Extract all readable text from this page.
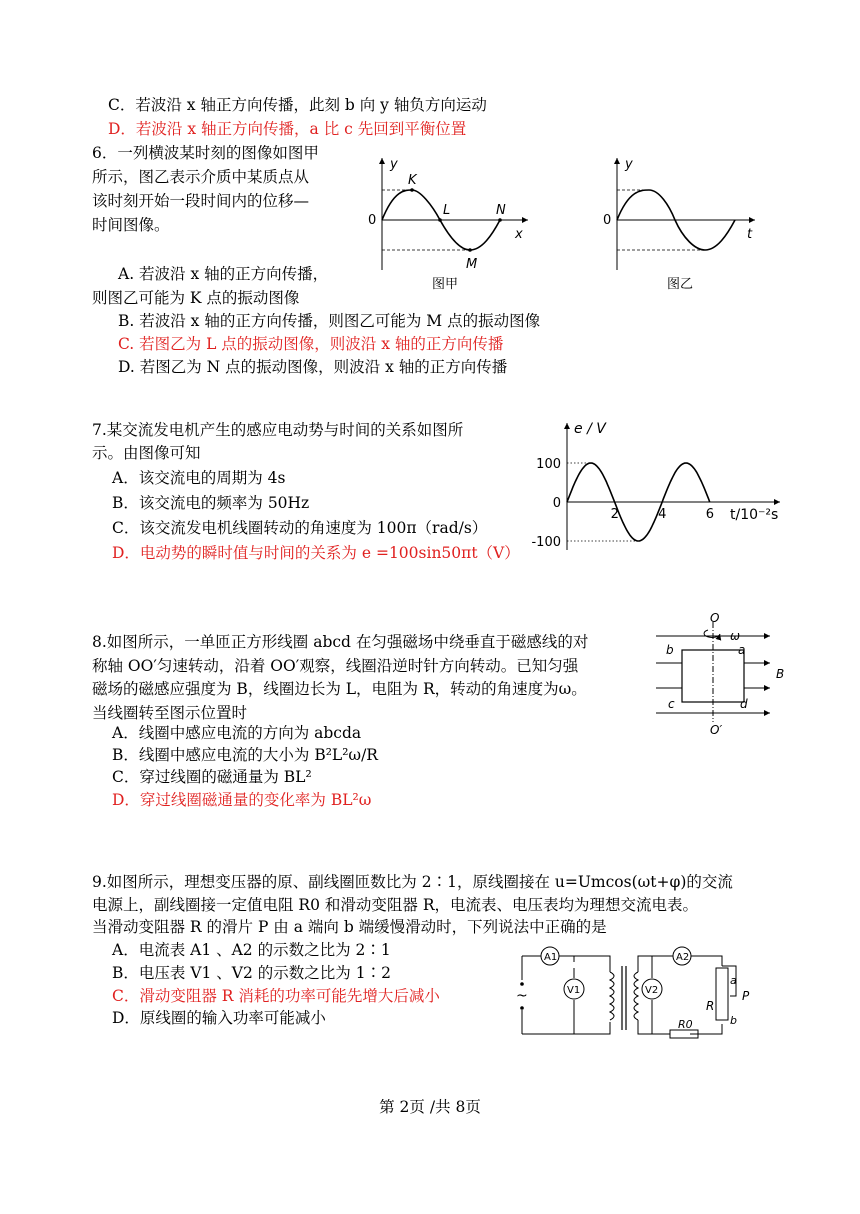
C．若波沿 x 轴正方向传播，此刻 b 向 y 轴负方向运动
D．若波沿 x 轴正方向传播，a 比 c 先回到平衡位置
6．一列横波某时刻的图像如图甲
所示，图乙表示介质中某质点从
该时刻开始一段时间内的位移—
时间图像。
A. 若波沿 x 轴的正方向传播，
则图乙可能为 K 点的振动图像
B. 若波沿 x 轴的正方向传播，则图乙可能为 M 点的振动图像
C. 若图乙为 L 点的振动图像，则波沿 x 轴的正方向传播
D. 若图乙为 N 点的振动图像，则波沿 x 轴的正方向传播
y
0
x
K
L
M
N
图甲
y
0
t
图乙
7.某交流发电机产生的感应电动势与时间的关系如图所
示。由图像可知
A．该交流电的周期为 4s
B．该交流电的频率为 50Hz
C．该交流发电机线圈转动的角速度为 100π（rad/s）
D．电动势的瞬时值与时间的关系为 e =100sin50πt（V）
2	4	6
100
0
-100
e / V
t/10⁻²s
8.如图所示，一单匝正方形线圈 abcd 在匀强磁场中绕垂直于磁感线的对
称轴 OO′匀速转动，沿着 OO′观察，线圈沿逆时针方向转动。已知匀强
磁场的磁感应强度为 B，线圈边长为 L，电阻为 R，转动的角速度为ω。
当线圈转至图示位置时
A．线圈中感应电流的方向为 abcda
B．线圈中感应电流的大小为 B²L²ω/R
C．穿过线圈的磁通量为 BL²
D．穿过线圈磁通量的变化率为 BL²ω
O
O′
ω
b	a
c	d
B
9.如图所示，理想变压器的原、副线圈匝数比为 2∶1，原线圈接在 u=Umcos(ωt+φ)的交流
电源上，副线圈接一定值电阻 R0 和滑动变阻器 R，电流表、电压表均为理想交流电表。
当滑动变阻器 R 的滑片 P 由 a 端向 b 端缓慢滑动时，下列说法中正确的是
A．电流表 A1 、A2 的示数之比为 2∶1
B．电压表 V1 、V2 的示数之比为 1∶2
C．滑动变阻器 R 消耗的功率可能先增大后减小
D．原线圈的输入功率可能减小
~
A1	A2
V1	V2
R
R0
a
b
P
第 2页 /共 8页
